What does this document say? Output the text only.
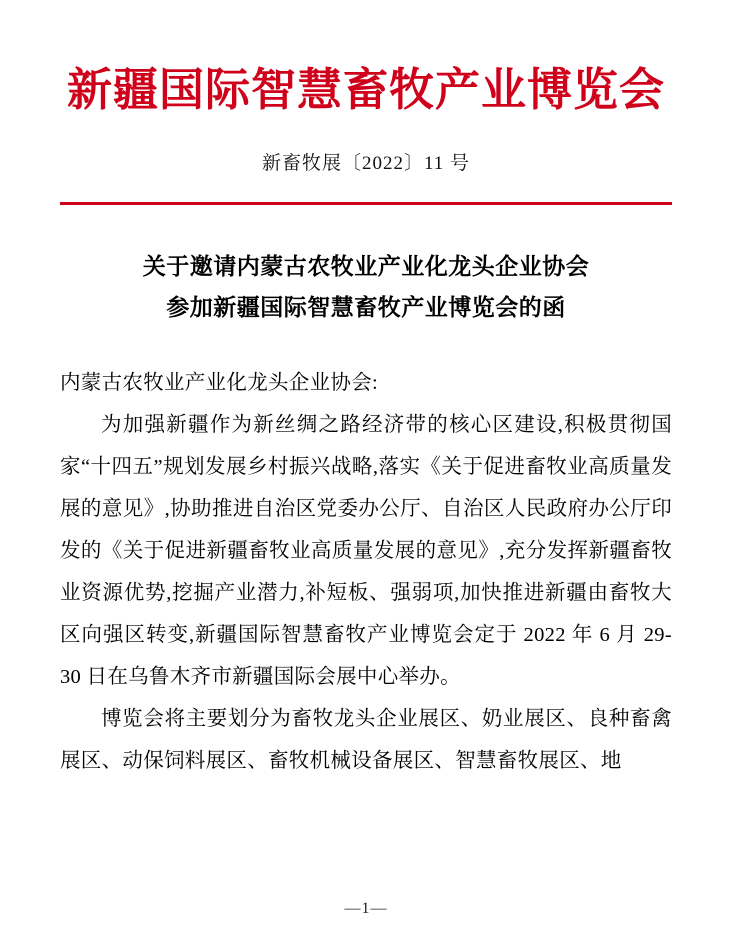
新疆国际智慧畜牧产业博览会
新畜牧展〔2022〕11 号
关于邀请内蒙古农牧业产业化龙头企业协会
参加新疆国际智慧畜牧产业博览会的函

内蒙古农牧业产业化龙头企业协会:

为加强新疆作为新丝绸之路经济带的核心区建设,积极贯彻国家“十四五”规划发展乡村振兴战略,落实《关于促进畜牧业高质量发展的意见》,协助推进自治区党委办公厅、自治区人民政府办公厅印发的《关于促进新疆畜牧业高质量发展的意见》,充分发挥新疆畜牧业资源优势,挖掘产业潜力,补短板、强弱项,加快推进新疆由畜牧大区向强区转变,新疆国际智慧畜牧产业博览会定于 2022 年 6 月 29-30 日在乌鲁木齐市新疆国际会展中心举办。

博览会将主要划分为畜牧龙头企业展区、奶业展区、良种畜禽展区、动保饲料展区、畜牧机械设备展区、智慧畜牧展区、地

—1—
